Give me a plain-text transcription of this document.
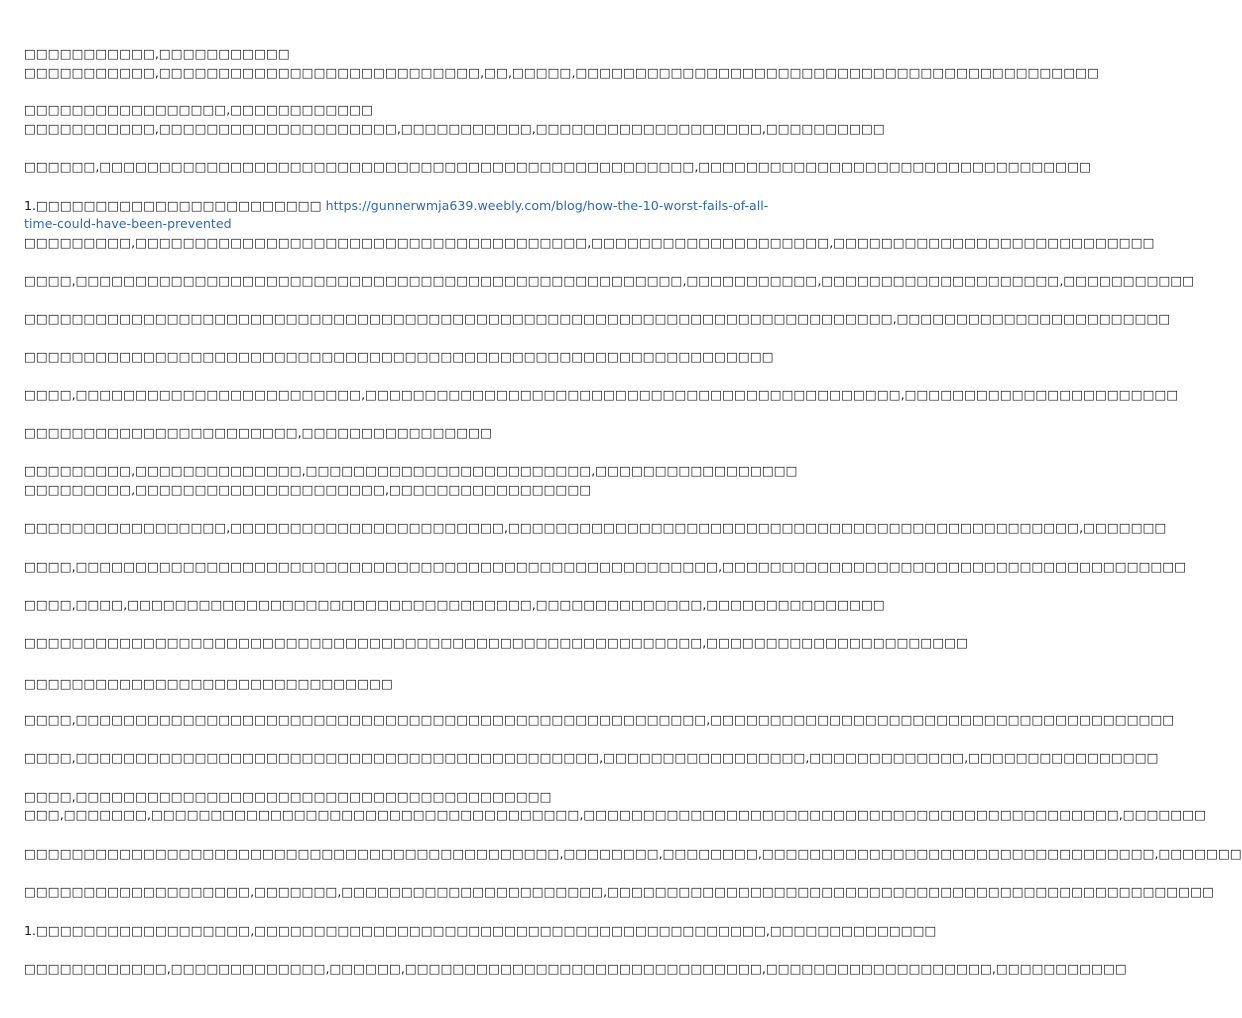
□□□□□□□□□□□,□□□□□□□□□□□
□□□□□□□□□□□,□□□□□□□□□□□□□□□□□□□□□□□□□□□,□□,□□□□□,□□□□□□□□□□□□□□□□□□□□□□□□□□□□□□□□□□□□□□□□□□□□
□□□□□□□□□□□□□□□□□,□□□□□□□□□□□□
□□□□□□□□□□□,□□□□□□□□□□□□□□□□□□□□,□□□□□□□□□□□,□□□□□□□□□□□□□□□□□□□,□□□□□□□□□□
□□□□□□,□□□□□□□□□□□□□□□□□□□□□□□□□□□□□□□□□□□□□□□□□□□□□□□□□□,□□□□□□□□□□□□□□□□□□□□□□□□□□□□□□□□□
1.□□□□□□□□□□□□□□□□□□□□□□□□ https://gunnerwmja639.weebly.com/blog/how-the-10-worst-fails-of-all-
time-could-have-been-prevented
□□□□□□□□□,□□□□□□□□□□□□□□□□□□□□□□□□□□□□□□□□□□□□□□,□□□□□□□□□□□□□□□□□□□□,□□□□□□□□□□□□□□□□□□□□□□□□□□□
□□□□,□□□□□□□□□□□□□□□□□□□□□□□□□□□□□□□□□□□□□□□□□□□□□□□□□□□,□□□□□□□□□□□,□□□□□□□□□□□□□□□□□□□□,□□□□□□□□□□□
□□□□□□□□□□□□□□□□□□□□□□□□□□□□□□□□□□□□□□□□□□□□□□□□□□□□□□□□□□□□□□□□□□□□□□□□□,□□□□□□□□□□□□□□□□□□□□□□□
□□□□□□□□□□□□□□□□□□□□□□□□□□□□□□□□□□□□□□□□□□□□□□□□□□□□□□□□□□□□□□□
□□□□,□□□□□□□□□□□□□□□□□□□□□□□□,□□□□□□□□□□□□□□□□□□□□□□□□□□□□□□□□□□□□□□□□□□□□□,□□□□□□□□□□□□□□□□□□□□□□□
□□□□□□□□□□□□□□□□□□□□□□□,□□□□□□□□□□□□□□□□
□□□□□□□□□,□□□□□□□□□□□□□□,□□□□□□□□□□□□□□□□□□□□□□□□,□□□□□□□□□□□□□□□□□
□□□□□□□□□,□□□□□□□□□□□□□□□□□□□□□,□□□□□□□□□□□□□□□□□
□□□□□□□□□□□□□□□□□,□□□□□□□□□□□□□□□□□□□□□□□,□□□□□□□□□□□□□□□□□□□□□□□□□□□□□□□□□□□□□□□□□□□□□□□□,□□□□□□□
□□□□,□□□□□□□□□□□□□□□□□□□□□□□□□□□□□□□□□□□□□□□□□□□□□□□□□□□□□□,□□□□□□□□□□□□□□□□□□□□□□□□□□□□□□□□□□□□□□□
□□□□,□□□□,□□□□□□□□□□□□□□□□□□□□□□□□□□□□□□□□□□,□□□□□□□□□□□□□□,□□□□□□□□□□□□□□□
□□□□□□□□□□□□□□□□□□□□□□□□□□□□□□□□□□□□□□□□□□□□□□□□□□□□□□□□□,□□□□□□□□□□□□□□□□□□□□□□
□□□□□□□□□□□□□□□□□□□□□□□□□□□□□□□
□□□□,□□□□□□□□□□□□□□□□□□□□□□□□□□□□□□□□□□□□□□□□□□□□□□□□□□□□□,□□□□□□□□□□□□□□□□□□□□□□□□□□□□□□□□□□□□□□□
□□□□,□□□□□□□□□□□□□□□□□□□□□□□□□□□□□□□□□□□□□□□□□□□□,□□□□□□□□□□□□□□□□□,□□□□□□□□□□□□□,□□□□□□□□□□□□□□□□
□□□□,□□□□□□□□□□□□□□□□□□□□□□□□□□□□□□□□□□□□□□□□
□□□,□□□□□□□,□□□□□□□□□□□□□□□□□□□□□□□□□□□□□□□□□□□□,□□□□□□□□□□□□□□□□□□□□□□□□□□□□□□□□□□□□□□□□□□□□□,□□□□□□□
□□□□□□□□□□□□□□□□□□□□□□□□□□□□□□□□□□□□□□□□□□□□□,□□□□□□□□,□□□□□□□□,□□□□□□□□□□□□□□□□□□□□□□□□□□□□□□□□□,□□□□□□□
□□□□□□□□□□□□□□□□□□□,□□□□□□□,□□□□□□□□□□□□□□□□□□□□□□,□□□□□□□□□□□□□□□□□□□□□□□□□□□□□□□□□□□□□□□□□□□□□□□□□□□
1.□□□□□□□□□□□□□□□□□□,□□□□□□□□□□□□□□□□□□□□□□□□□□□□□□□□□□□□□□□□□□□,□□□□□□□□□□□□□□
□□□□□□□□□□□□,□□□□□□□□□□□□□,□□□□□□,□□□□□□□□□□□□□□□□□□□□□□□□□□□□□□,□□□□□□□□□□□□□□□□□□□,□□□□□□□□□□□
